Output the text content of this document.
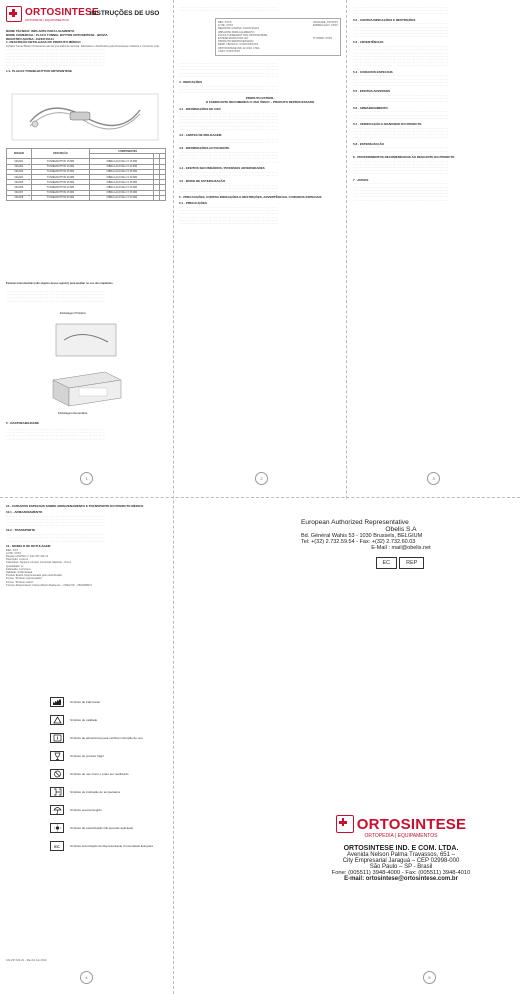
ORTOSINTESE
ORTOPEDIA | EQUIPAMENTOS
INSTRUÇÕES DE USO
NOME TÉCNICO: IMPLANTE PARA LIGAMENTO
NOME COMERCIAL: PLACA TUNNEL BUTTON ORTOSINTESE - BIOVIA
REGISTRO ANVISA: 10223710121
1- DESCRIÇÃO DETALHADA DO PRODUTO MÉDICO
A Placa Tunnel Button Ortosintese são de procedência nacional, fabricados e distribuídos pela Ortosintese Indústria e Comércio Ltda.
··· ··· ··· ··· ··· ··· ··· ··· ··· ··· ··· ··· ··· ··· ··· ··· ··· ··· ··· ··· ··· ··· ··· ··· ··· ··· ··· ··· ··· ···
··· ··· ··· ··· ··· ··· ··· ··· ··· ··· ··· ··· ··· ··· ··· ··· ··· ··· ··· ··· ··· ··· ··· ··· ··· ··· ··· ··· ··· ···
··· ··· ··· ··· ··· ··· ··· ··· ··· ··· ··· ··· ··· ··· ··· ··· ··· ··· ··· ··· ··· ··· ··· ··· ··· ··· ··· ··· ··· ···
··· ··· ··· ··· ··· ··· ··· ··· ··· ··· ··· ··· ··· ··· ··· ··· ··· ··· ··· ··· ··· ··· ··· ··· ··· ··· ··· ··· ··· ···
··· ··· ··· ··· ··· ··· ··· ··· ··· ··· ··· ··· ··· ··· ··· ··· ··· ··· ··· ··· ··· ··· ··· ··· ··· ··· ··· ··· ··· ···
··· ··· ··· ··· ··· ··· ··· ··· ··· ··· ··· ··· ··· ··· ··· ··· ··· ··· ··· ··· ··· ··· ··· ··· ··· ··· ··· ··· ··· ···
1.1- PLACAS TUNNELBUTTON ORTOSINTESE
IMAGEM	DESCRIÇÃO	COMPONENTES		

001/001	TUNNELBUTTON 15 MM	FIBRA LAÇO DE 2 X 15 MM		
001/002	TUNNELBUTTON 20 MM	FIBRA LAÇO DE 2 X 20 MM		
001/003	TUNNELBUTTON 25 MM	FIBRA LAÇO DE 2 X 25 MM		
001/004	TUNNELBUTTON 30 MM	FIBRA LAÇO DE 2 X 30 MM		
001/005	TUNNELBUTTON 35 MM	FIBRA LAÇO DE 2 X 35 MM		
001/006	TUNNELBUTTON 40 MM	FIBRA LAÇO DE 2 X 40 MM		
001/007	TUNNELBUTTON 45 MM	FIBRA LAÇO DE 2 X 45 MM		
001/008	TUNNELBUTTON 50 MM	FIBRA LAÇO DE 2 X 50 MM		
Existem instrumentais (não objetos desse registro) para auxiliar no uso dos implantes.
··· ··· ··· ··· ··· ··· ··· ··· ··· ··· ··· ··· ··· ··· ··· ··· ··· ··· ··· ··· ··· ··· ··· ··· ··· ··· ··· ··· ··· ···
··· ··· ··· ··· ··· ··· ··· ··· ··· ··· ··· ··· ··· ··· ··· ··· ··· ··· ··· ··· ··· ··· ··· ··· ··· ··· ··· ··· ··· ···
··· ··· ··· ··· ··· ··· ··· ··· ··· ··· ··· ··· ··· ··· ··· ··· ··· ··· ··· ··· ··· ··· ··· ··· ··· ··· ··· ··· ··· ···
··· ··· ··· ··· ··· ··· ··· ··· ··· ··· ··· ··· ··· ··· ··· ··· ··· ··· ··· ··· ··· ··· ··· ··· ··· ··· ··· ··· ··· ···
Embalagem Primária
Embalagem Secundária
5 - RASTREABILIDADE
··· ··· ··· ··· ··· ··· ··· ··· ··· ··· ··· ··· ··· ··· ··· ··· ··· ··· ··· ··· ··· ··· ··· ··· ··· ··· ··· ··· ··· ···
··· ··· ··· ··· ··· ··· ··· ··· ··· ··· ··· ··· ··· ··· ··· ··· ··· ··· ··· ··· ··· ··· ··· ··· ··· ··· ··· ··· ··· ···
··· ··· ··· ··· ··· ··· ··· ··· ··· ··· ··· ··· ··· ··· ··· ··· ··· ··· ··· ··· ··· ··· ··· ··· ··· ··· ··· ··· ··· ···
··· ··· ··· ··· ··· ··· ··· ··· ··· ··· ··· ··· ··· ··· ··· ··· ··· ··· ··· ··· ··· ··· ··· ··· ··· ··· ··· ··· ··· ···
1
··· ··· ··· ··· ··· ··· ··· ··· ··· ··· ··· ··· ··· ··· ··· ··· ··· ··· ··· ··· ··· ··· ··· ··· ··· ··· ··· ··· ··· ···
··· ··· ··· ··· ··· ··· ··· ··· ··· ··· ··· ··· ··· ··· ··· ··· ··· ··· ··· ··· ··· ··· ··· ··· ··· ··· ··· ··· ··· ···
REF: XXXX
LOTE: XXXX
REGISTRO ANVISA: 10223710121
IMPLANTE PARA LIGAMENTO
PLACA TUNNELBUTTON ORTOSINTESE
ESTERILIZADO POR: EO
PRODUTO REPROCESSADO
RESP. TÉCNICO: XXXXXXXXXXX
ORTOSINTESE IND. E COM. LTDA
CNPJ: XXXXXXXX
VALIDADE: XX/XXXX
FABRICAÇÃO: XXXX
N° PRRD: XXXX
··· ··· ··· ··· ··· ··· ··· ··· ··· ··· ··· ··· ··· ··· ··· ··· ··· ··· ··· ··· ··· ··· ··· ··· ··· ··· ··· ··· ··· ···
··· ··· ··· ··· ··· ··· ··· ··· ··· ··· ··· ··· ··· ··· ··· ··· ··· ··· ··· ··· ··· ··· ··· ··· ··· ··· ··· ··· ··· ···
··· ··· ··· ··· ··· ··· ··· ··· ··· ··· ··· ··· ··· ··· ··· ··· ··· ··· ··· ··· ··· ··· ··· ··· ··· ··· ··· ··· ··· ···
··· ··· ··· ··· ··· ··· ··· ··· ··· ··· ··· ··· ··· ··· ··· ··· ··· ··· ··· ··· ··· ··· ··· ··· ··· ··· ··· ··· ··· ···
··· ··· ··· ··· ··· ··· ··· ··· ··· ··· ··· ··· ··· ··· ··· ··· ··· ··· ··· ··· ··· ··· ··· ··· ··· ··· ··· ··· ··· ···
4 - INDICAÇÕES
··· ··· ··· ··· ··· ··· ··· ··· ··· ··· ··· ··· ··· ··· ··· ··· ··· ··· ··· ··· ··· ··· ··· ··· ··· ··· ··· ··· ··· ···
··· ··· ··· ··· ··· ··· ··· ··· ··· ··· ··· ··· ··· ··· ··· ··· ··· ··· ··· ··· ··· ··· ··· ··· ··· ··· ··· ··· ··· ···
··· ··· ··· ··· ··· ··· ··· ··· ··· ··· ··· ··· ··· ··· ··· ··· ··· ··· ··· ··· ··· ··· ··· ··· ··· ··· ··· ··· ··· ···
PRODUTO ESTÉRIL
O FABRICANTE RECOMENDA O USO ÚNICO – PRODUTO REPROCESSADO
4.1 - INFORMAÇÕES DE USO
··· ··· ··· ··· ··· ··· ··· ··· ··· ··· ··· ··· ··· ··· ··· ··· ··· ··· ··· ··· ··· ··· ··· ··· ··· ··· ··· ··· ··· ···
··· ··· ··· ··· ··· ··· ··· ··· ··· ··· ··· ··· ··· ··· ··· ··· ··· ··· ··· ··· ··· ··· ··· ··· ··· ··· ··· ··· ··· ···
··· ··· ··· ··· ··· ··· ··· ··· ··· ··· ··· ··· ··· ··· ··· ··· ··· ··· ··· ··· ··· ··· ··· ··· ··· ··· ··· ··· ··· ···
··· ··· ··· ··· ··· ··· ··· ··· ··· ··· ··· ··· ··· ··· ··· ··· ··· ··· ··· ··· ··· ··· ··· ··· ··· ··· ··· ··· ··· ···
··· ··· ··· ··· ··· ··· ··· ··· ··· ··· ··· ··· ··· ··· ··· ··· ··· ··· ··· ··· ··· ··· ··· ··· ··· ··· ··· ··· ··· ···
··· ··· ··· ··· ··· ··· ··· ··· ··· ··· ··· ··· ··· ··· ··· ··· ··· ··· ··· ··· ··· ··· ··· ··· ··· ··· ··· ··· ··· ···
4.2 - LIMITES DE MOLDAGEM
··· ··· ··· ··· ··· ··· ··· ··· ··· ··· ··· ··· ··· ··· ··· ··· ··· ··· ··· ··· ··· ··· ··· ··· ··· ··· ··· ··· ··· ···
··· ··· ··· ··· ··· ··· ··· ··· ··· ··· ··· ··· ··· ··· ··· ··· ··· ··· ··· ··· ··· ··· ··· ··· ··· ··· ··· ··· ··· ···
4.3 - INFORMAÇÕES AO PACIENTE
··· ··· ··· ··· ··· ··· ··· ··· ··· ··· ··· ··· ··· ··· ··· ··· ··· ··· ··· ··· ··· ··· ··· ··· ··· ··· ··· ··· ··· ···
··· ··· ··· ··· ··· ··· ··· ··· ··· ··· ··· ··· ··· ··· ··· ··· ··· ··· ··· ··· ··· ··· ··· ··· ··· ··· ··· ··· ··· ···
··· ··· ··· ··· ··· ··· ··· ··· ··· ··· ··· ··· ··· ··· ··· ··· ··· ··· ··· ··· ··· ··· ··· ··· ··· ··· ··· ··· ··· ···
··· ··· ··· ··· ··· ··· ··· ··· ··· ··· ··· ··· ··· ··· ··· ··· ··· ··· ··· ··· ··· ··· ··· ··· ··· ··· ··· ··· ··· ···
4.4 - EFEITOS SECUNDÁRIOS / POSSÍVEIS ADVERSIDADES
··· ··· ··· ··· ··· ··· ··· ··· ··· ··· ··· ··· ··· ··· ··· ··· ··· ··· ··· ··· ··· ··· ··· ··· ··· ··· ··· ··· ··· ···
··· ··· ··· ··· ··· ··· ··· ··· ··· ··· ··· ··· ··· ··· ··· ··· ··· ··· ··· ··· ··· ··· ··· ··· ··· ··· ··· ··· ··· ···
4.5 - MODO DE ESTERILIZAÇÃO
··· ··· ··· ··· ··· ··· ··· ··· ··· ··· ··· ··· ··· ··· ··· ··· ··· ··· ··· ··· ··· ··· ··· ··· ··· ··· ··· ··· ··· ···
··· ··· ··· ··· ··· ··· ··· ··· ··· ··· ··· ··· ··· ··· ··· ··· ··· ··· ··· ··· ··· ··· ··· ··· ··· ··· ··· ··· ··· ···
··· ··· ··· ··· ··· ··· ··· ··· ··· ··· ··· ··· ··· ··· ··· ··· ··· ··· ··· ··· ··· ··· ··· ··· ··· ··· ··· ··· ··· ···
5 - PRECAUÇÕES, CONTRA INDICAÇÕES E RESTRIÇÕES, ADVERTÊNCIAS, CUIDADOS ESPECIAIS
5.1 - PRECAUÇÕES
··· ··· ··· ··· ··· ··· ··· ··· ··· ··· ··· ··· ··· ··· ··· ··· ··· ··· ··· ··· ··· ··· ··· ··· ··· ··· ··· ··· ··· ···
··· ··· ··· ··· ··· ··· ··· ··· ··· ··· ··· ··· ··· ··· ··· ··· ··· ··· ··· ··· ··· ··· ··· ··· ··· ··· ··· ··· ··· ···
··· ··· ··· ··· ··· ··· ··· ··· ··· ··· ··· ··· ··· ··· ··· ··· ··· ··· ··· ··· ··· ··· ··· ··· ··· ··· ··· ··· ··· ···
··· ··· ··· ··· ··· ··· ··· ··· ··· ··· ··· ··· ··· ··· ··· ··· ··· ··· ··· ··· ··· ··· ··· ··· ··· ··· ··· ··· ··· ···
··· ··· ··· ··· ··· ··· ··· ··· ··· ··· ··· ··· ··· ··· ··· ··· ··· ··· ··· ··· ··· ··· ··· ··· ··· ··· ··· ··· ··· ···
··· ··· ··· ··· ··· ··· ··· ··· ··· ··· ··· ··· ··· ··· ··· ··· ··· ··· ··· ··· ··· ··· ··· ··· ··· ··· ··· ··· ··· ···
2
··· ··· ··· ··· ··· ··· ··· ··· ··· ··· ··· ··· ··· ··· ··· ··· ··· ··· ··· ··· ··· ··· ··· ··· ··· ··· ··· ··· ···
··· ··· ··· ··· ··· ··· ··· ··· ··· ··· ··· ··· ··· ··· ··· ··· ··· ··· ··· ··· ··· ··· ··· ··· ··· ··· ··· ··· ···
··· ··· ··· ··· ··· ··· ··· ··· ··· ··· ··· ··· ··· ··· ··· ··· ··· ··· ··· ··· ··· ··· ··· ··· ··· ··· ··· ··· ···
5.2 - CONTRA INDICAÇÕES E RESTRIÇÕES
··· ··· ··· ··· ··· ··· ··· ··· ··· ··· ··· ··· ··· ··· ··· ··· ··· ··· ··· ··· ··· ··· ··· ··· ··· ··· ··· ··· ···
··· ··· ··· ··· ··· ··· ··· ··· ··· ··· ··· ··· ··· ··· ··· ··· ··· ··· ··· ··· ··· ··· ··· ··· ··· ··· ··· ··· ···
··· ··· ··· ··· ··· ··· ··· ··· ··· ··· ··· ··· ··· ··· ··· ··· ··· ··· ··· ··· ··· ··· ··· ··· ··· ··· ··· ··· ···
··· ··· ··· ··· ··· ··· ··· ··· ··· ··· ··· ··· ··· ··· ··· ··· ··· ··· ··· ··· ··· ··· ··· ··· ··· ··· ··· ··· ···
··· ··· ··· ··· ··· ··· ··· ··· ··· ··· ··· ··· ··· ··· ··· ··· ··· ··· ··· ··· ··· ··· ··· ··· ··· ··· ··· ··· ···
5.3 - ADVERTÊNCIAS
··· ··· ··· ··· ··· ··· ··· ··· ··· ··· ··· ··· ··· ··· ··· ··· ··· ··· ··· ··· ··· ··· ··· ··· ··· ··· ··· ··· ···
··· ··· ··· ··· ··· ··· ··· ··· ··· ··· ··· ··· ··· ··· ··· ··· ··· ··· ··· ··· ··· ··· ··· ··· ··· ··· ··· ··· ···
··· ··· ··· ··· ··· ··· ··· ··· ··· ··· ··· ··· ··· ··· ··· ··· ··· ··· ··· ··· ··· ··· ··· ··· ··· ··· ··· ··· ···
··· ··· ··· ··· ··· ··· ··· ··· ··· ··· ··· ··· ··· ··· ··· ··· ··· ··· ··· ··· ··· ··· ··· ··· ··· ··· ··· ··· ···
··· ··· ··· ··· ··· ··· ··· ··· ··· ··· ··· ··· ··· ··· ··· ··· ··· ··· ··· ··· ··· ··· ··· ··· ··· ··· ··· ··· ···
··· ··· ··· ··· ··· ··· ··· ··· ··· ··· ··· ··· ··· ··· ··· ··· ··· ··· ··· ··· ··· ··· ··· ··· ··· ··· ··· ··· ···
··· ··· ··· ··· ··· ··· ··· ··· ··· ··· ··· ··· ··· ··· ··· ··· ··· ··· ··· ··· ··· ··· ··· ··· ··· ··· ··· ··· ···
5.4 - CUIDADOS ESPECIAIS
··· ··· ··· ··· ··· ··· ··· ··· ··· ··· ··· ··· ··· ··· ··· ··· ··· ··· ··· ··· ··· ··· ··· ··· ··· ··· ··· ··· ···
··· ··· ··· ··· ··· ··· ··· ··· ··· ··· ··· ··· ··· ··· ··· ··· ··· ··· ··· ··· ··· ··· ··· ··· ··· ··· ··· ··· ···
··· ··· ··· ··· ··· ··· ··· ··· ··· ··· ··· ··· ··· ··· ··· ··· ··· ··· ··· ··· ··· ··· ··· ··· ··· ··· ··· ··· ···
··· ··· ··· ··· ··· ··· ··· ··· ··· ··· ··· ··· ··· ··· ··· ··· ··· ··· ··· ··· ··· ··· ··· ··· ··· ··· ··· ··· ···
5.5 - EFEITOS ADVERSOS
··· ··· ··· ··· ··· ··· ··· ··· ··· ··· ··· ··· ··· ··· ··· ··· ··· ··· ··· ··· ··· ··· ··· ··· ··· ··· ··· ··· ···
··· ··· ··· ··· ··· ··· ··· ··· ··· ··· ··· ··· ··· ··· ··· ··· ··· ··· ··· ··· ··· ··· ··· ··· ··· ··· ··· ··· ···
··· ··· ··· ··· ··· ··· ··· ··· ··· ··· ··· ··· ··· ··· ··· ··· ··· ··· ··· ··· ··· ··· ··· ··· ··· ··· ··· ··· ···
5.6 - ARMAZENAMENTO
··· ··· ··· ··· ··· ··· ··· ··· ··· ··· ··· ··· ··· ··· ··· ··· ··· ··· ··· ··· ··· ··· ··· ··· ··· ··· ··· ··· ···
··· ··· ··· ··· ··· ··· ··· ··· ··· ··· ··· ··· ··· ··· ··· ··· ··· ··· ··· ··· ··· ··· ··· ··· ··· ··· ··· ··· ···
··· ··· ··· ··· ··· ··· ··· ··· ··· ··· ··· ··· ··· ··· ··· ··· ··· ··· ··· ··· ··· ··· ··· ··· ··· ··· ··· ··· ···
5.7 - VERIFICAÇÃO E MANUSEIO DO PRODUTO
··· ··· ··· ··· ··· ··· ··· ··· ··· ··· ··· ··· ··· ··· ··· ··· ··· ··· ··· ··· ··· ··· ··· ··· ··· ··· ··· ··· ···
··· ··· ··· ··· ··· ··· ··· ··· ··· ··· ··· ··· ··· ··· ··· ··· ··· ··· ··· ··· ··· ··· ··· ··· ··· ··· ··· ··· ···
··· ··· ··· ··· ··· ··· ··· ··· ··· ··· ··· ··· ··· ··· ··· ··· ··· ··· ··· ··· ··· ··· ··· ··· ··· ··· ··· ··· ···
··· ··· ··· ··· ··· ··· ··· ··· ··· ··· ··· ··· ··· ··· ··· ··· ··· ··· ··· ··· ··· ··· ··· ··· ··· ··· ··· ··· ···
5.8 - ESTERILIZAÇÃO
··· ··· ··· ··· ··· ··· ··· ··· ··· ··· ··· ··· ··· ··· ··· ··· ··· ··· ··· ··· ··· ··· ··· ··· ··· ··· ··· ··· ···
··· ··· ··· ··· ··· ··· ··· ··· ··· ··· ··· ··· ··· ··· ··· ··· ··· ··· ··· ··· ··· ··· ··· ··· ··· ··· ··· ··· ···
6 - PROCEDIMENTOS RECOMENDADOS AO DESCARTE DO PRODUTO
··· ··· ··· ··· ··· ··· ··· ··· ··· ··· ··· ··· ··· ··· ··· ··· ··· ··· ··· ··· ··· ··· ··· ··· ··· ··· ··· ··· ···
··· ··· ··· ··· ··· ··· ··· ··· ··· ··· ··· ··· ··· ··· ··· ··· ··· ··· ··· ··· ··· ··· ··· ··· ··· ··· ··· ··· ···
··· ··· ··· ··· ··· ··· ··· ··· ··· ··· ··· ··· ··· ··· ··· ··· ··· ··· ··· ··· ··· ··· ··· ··· ··· ··· ··· ··· ···
··· ··· ··· ··· ··· ··· ··· ··· ··· ··· ··· ··· ··· ··· ··· ··· ··· ··· ··· ··· ··· ··· ··· ··· ··· ··· ··· ··· ···
··· ··· ··· ··· ··· ··· ··· ··· ··· ··· ··· ··· ··· ··· ··· ··· ··· ··· ··· ··· ··· ··· ··· ··· ··· ··· ··· ··· ···
7 - AVISOS
··· ··· ··· ··· ··· ··· ··· ··· ··· ··· ··· ··· ··· ··· ··· ··· ··· ··· ··· ··· ··· ··· ··· ··· ··· ··· ··· ··· ···
··· ··· ··· ··· ··· ··· ··· ··· ··· ··· ··· ··· ··· ··· ··· ··· ··· ··· ··· ··· ··· ··· ··· ··· ··· ··· ··· ··· ···
··· ··· ··· ··· ··· ··· ··· ··· ··· ··· ··· ··· ··· ··· ··· ··· ··· ··· ··· ··· ··· ··· ··· ··· ··· ··· ··· ··· ···
··· ··· ··· ··· ··· ··· ··· ··· ··· ··· ··· ··· ··· ··· ··· ··· ··· ··· ··· ··· ··· ··· ··· ··· ··· ··· ··· ··· ···
··· ··· ··· ··· ··· ··· ··· ··· ··· ··· ··· ··· ··· ··· ··· ··· ··· ··· ··· ··· ··· ··· ··· ··· ··· ··· ··· ··· ···
··· ··· ··· ··· ··· ··· ··· ··· ··· ··· ··· ··· ··· ··· ··· ··· ··· ··· ··· ··· ··· ··· ··· ··· ··· ··· ··· ··· ···
3
10 - CUIDADOS ESPECIAIS SOBRE ARMAZENAMENTO E TRANSPORTE DO PRODUTO MÉDICO
10.1 - ARMAZENAMENTO
··· ··· ··· ··· ··· ··· ··· ··· ··· ··· ··· ··· ··· ··· ··· ··· ··· ··· ··· ··· ··· ··· ··· ··· ··· ··· ··· ··· ··· ···
··· ··· ··· ··· ··· ··· ··· ··· ··· ··· ··· ··· ··· ··· ··· ··· ··· ··· ··· ··· ··· ··· ··· ··· ··· ··· ··· ··· ··· ···
··· ··· ··· ··· ··· ··· ··· ··· ··· ··· ··· ··· ··· ··· ··· ··· ··· ··· ··· ··· ··· ··· ··· ··· ··· ··· ··· ··· ··· ···
··· ··· ··· ··· ··· ··· ··· ··· ··· ··· ··· ··· ··· ··· ··· ··· ··· ··· ··· ··· ··· ··· ··· ··· ··· ··· ··· ··· ··· ···
10.2 - TRANSPORTE
··· ··· ··· ··· ··· ··· ··· ··· ··· ··· ··· ··· ··· ··· ··· ··· ··· ··· ··· ··· ··· ··· ··· ··· ··· ··· ··· ··· ··· ···
··· ··· ··· ··· ··· ··· ··· ··· ··· ··· ··· ··· ··· ··· ··· ··· ··· ··· ··· ··· ··· ··· ··· ··· ··· ··· ··· ··· ··· ···
··· ··· ··· ··· ··· ··· ··· ··· ··· ··· ··· ··· ··· ··· ··· ··· ··· ··· ··· ··· ··· ··· ··· ··· ··· ··· ··· ··· ··· ···
10 - MODELO DE ROTULAGEM
REF: XXX
LOTE: XXXX
Registro ANVISA nº: 102.237.101.21
Descrição: xxxxxxx
Fabricante: Tampa e número comercial, Material – Primo
Quantidade: xx
Fabricado: xx/xx/xxxx
Validade: Xx/Mm/Aaaa
Produto Estéril, Reprocessado pelo esterilização
Forma: "Produto reprocessado"
Forma: "Produto estéril"
Técnico Responsável: Carlos Alberto Radoman – CREA SP – 0601928972
Símbolo de Fabricante
Símbolo de validade
Símbolo de advertência para verificar instrução de uso
Símbolo de produto frágil
Símbolo de uso único e pode ser reutilizado
Símbolo de indicação de temperatura
Símbolo seco/protegido
Símbolo de esterilização OE (quando aplicável)
EC	Símbolo Autorização de Representante Comunidade Europeia
102.237.101.21 – Rev.01 Jun 2013
4
European Authorized Representative
Obelis S.A
Bd. Général Wahis 53 - 1030 Brussels, BELGIUM
Tel: +(32) 2.732.59.54 - Fax: +(32) 2.732.60.03
E-Mail : mail@obelis.net
EC	REP
ORTOSINTESE
ORTOPEDIA | EQUIPAMENTOS
ORTOSINTESE IND. E COM. LTDA.
Avenida Nelson Palma Travassos, 651 –
City Empresarial Jaraguá – CEP 02998-000
São Paulo – SP - Brasil
Fone: (005511) 3948-4000 - Fax: (005511) 3948-4010
E-mail: ortosintese@ortosintese.com.br
5
